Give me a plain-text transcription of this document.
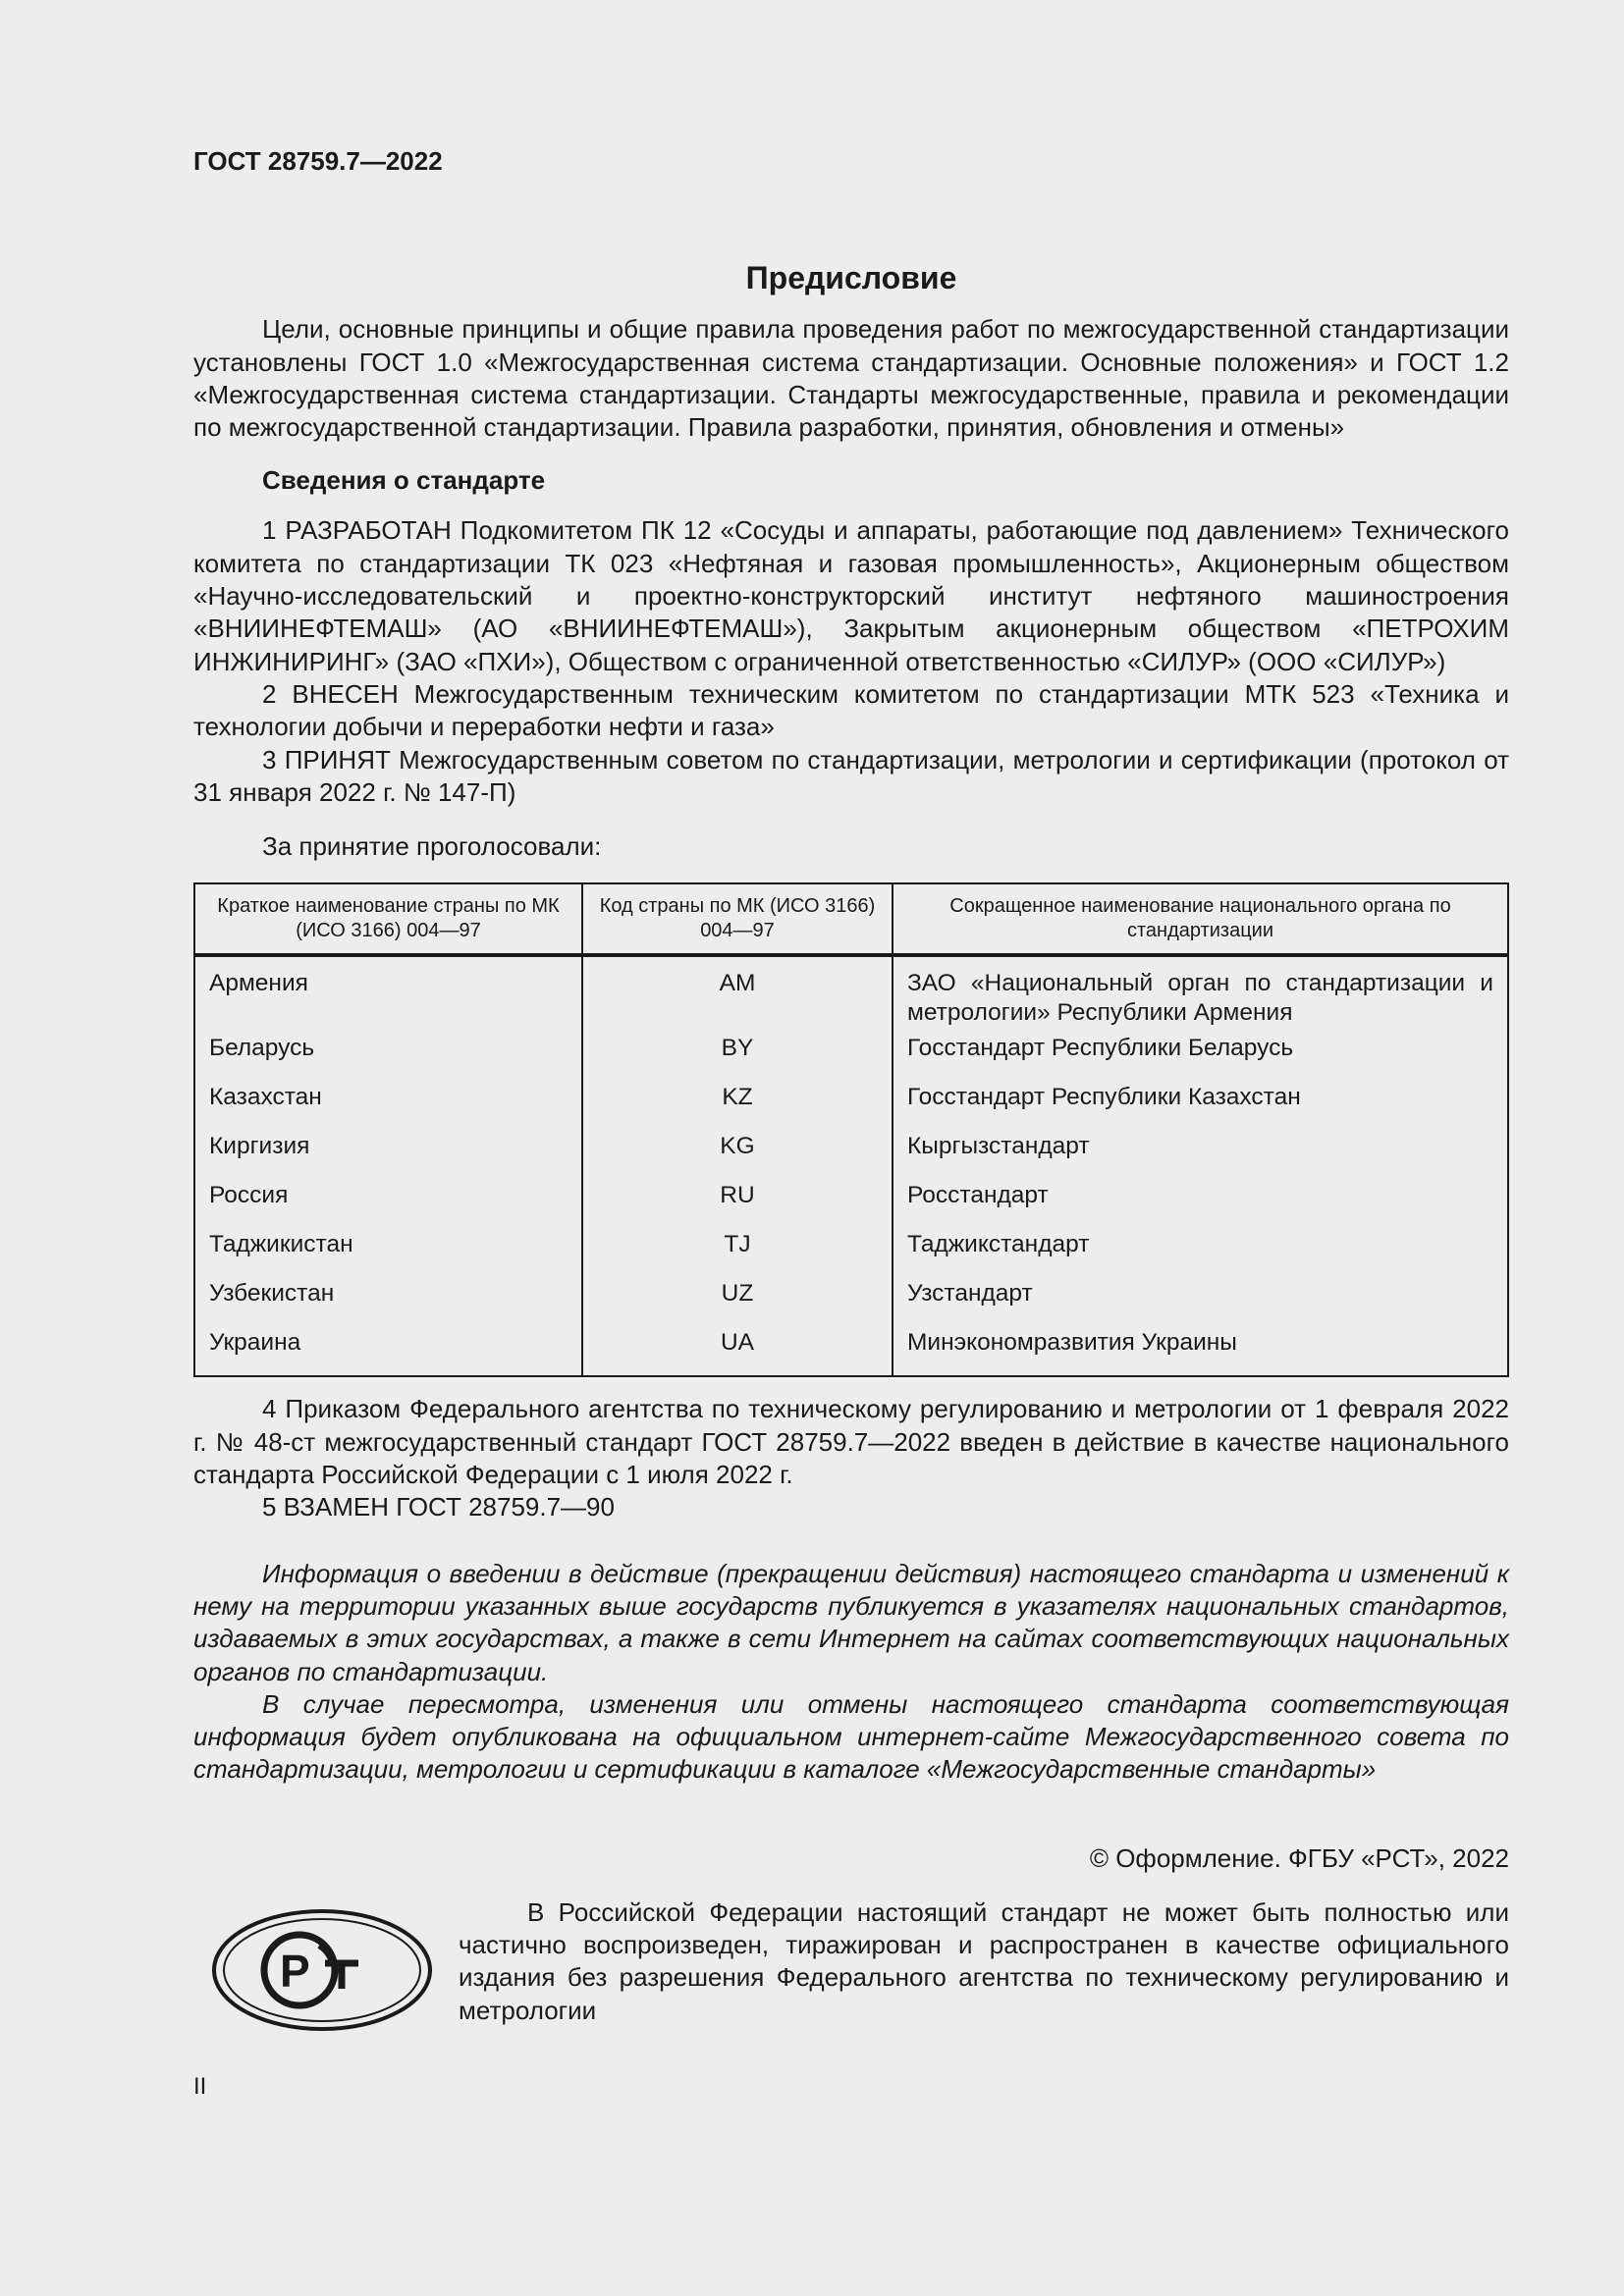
ГОСТ 28759.7—2022

Предисловие

Цели, основные принципы и общие правила проведения работ по межгосударственной стандартизации установлены ГОСТ 1.0 «Межгосударственная система стандартизации. Основные положения» и ГОСТ 1.2 «Межгосударственная система стандартизации. Стандарты межгосударственные, правила и рекомендации по межгосударственной стандартизации. Правила разработки, принятия, обновления и отмены»

Сведения о стандарте

1 РАЗРАБОТАН Подкомитетом ПК 12 «Сосуды и аппараты, работающие под давлением» Технического комитета по стандартизации ТК 023 «Нефтяная и газовая промышленность», Акционерным обществом «Научно-исследовательский и проектно-конструкторский институт нефтяного машиностроения «ВНИИНЕФТЕМАШ» (АО «ВНИИНЕФТЕМАШ»), Закрытым акционерным обществом «ПЕТРОХИМ ИНЖИНИРИНГ» (ЗАО «ПХИ»), Обществом с ограниченной ответственностью «СИЛУР» (ООО «СИЛУР»)

2 ВНЕСЕН Межгосударственным техническим комитетом по стандартизации МТК 523 «Техника и технологии добычи и переработки нефти и газа»

3 ПРИНЯТ Межгосударственным советом по стандартизации, метрологии и сертификации (протокол от 31 января 2022 г. № 147-П)

За принятие проголосовали:

Краткое наименование страны по МК (ИСО 3166) 004—97	Код страны по МК (ИСО 3166) 004—97	Сокращенное наименование национального органа по стандартизации
Армения	AM	ЗАО «Национальный орган по стандартизации и метрологии» Республики Армения
Беларусь	BY	Госстандарт Республики Беларусь
Казахстан	KZ	Госстандарт Республики Казахстан
Киргизия	KG	Кыргызстандарт
Россия	RU	Росстандарт
Таджикистан	TJ	Таджикстандарт
Узбекистан	UZ	Узстандарт
Украина	UA	Минэкономразвития Украины

4 Приказом Федерального агентства по техническому регулированию и метрологии от 1 февраля 2022 г. № 48-ст межгосударственный стандарт ГОСТ 28759.7—2022 введен в действие в качестве национального стандарта Российской Федерации с 1 июля 2022 г.

5 ВЗАМЕН ГОСТ 28759.7—90

Информация о введении в действие (прекращении действия) настоящего стандарта и изменений к нему на территории указанных выше государств публикуется в указателях национальных стандартов, издаваемых в этих государствах, а также в сети Интернет на сайтах соответствующих национальных органов по стандартизации.

В случае пересмотра, изменения или отмены настоящего стандарта соответствующая информация будет опубликована на официальном интернет-сайте Межгосударственного совета по стандартизации, метрологии и сертификации в каталоге «Межгосударственные стандарты»

© Оформление. ФГБУ «РСТ», 2022
P

В Российской Федерации настоящий стандарт не может быть полностью или частично воспроизведен, тиражирован и распространен в качестве официального издания без разрешения Федерального агентства по техническому регулированию и метрологии

II
